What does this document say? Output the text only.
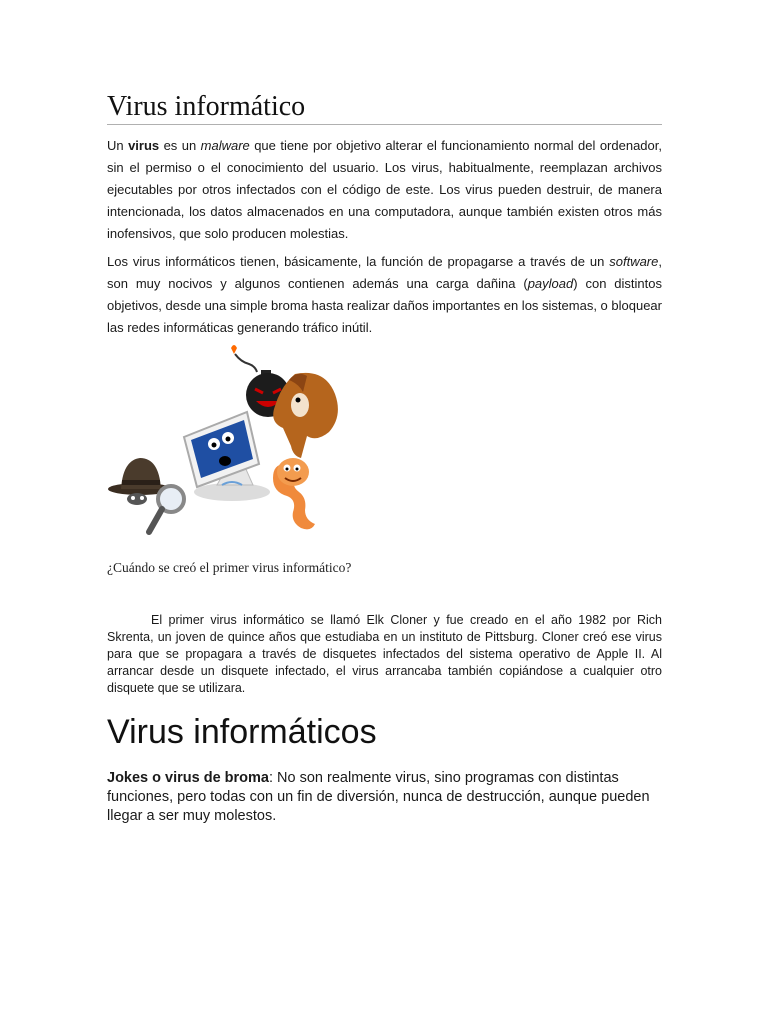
Virus informático

Un virus es un malware que tiene por objetivo alterar el funcionamiento normal del ordenador, sin el permiso o el conocimiento del usuario. Los virus, habitualmente, reemplazan archivos ejecutables por otros infectados con el código de este. Los virus pueden destruir, de manera intencionada, los datos almacenados en una computadora, aunque también existen otros más inofensivos, que solo producen molestias.

Los virus informáticos tienen, básicamente, la función de propagarse a través de un software, son muy nocivos y algunos contienen además una carga dañina (payload) con distintos objetivos, desde una simple broma hasta realizar daños importantes en los sistemas, o bloquear las redes informáticas generando tráfico inútil.

¿Cuándo se creó el primer virus informático?

El primer virus informático se llamó Elk Cloner y fue creado en el año 1982 por Rich Skrenta, un joven de quince años que estudiaba en un instituto de Pittsburg. Cloner creó ese virus para que se propagara a través de disquetes infectados del sistema operativo de Apple II. Al arrancar desde un disquete infectado, el virus arrancaba también copiándose a cualquier otro disquete que se utilizara.

Virus informáticos

Jokes o virus de broma: No son realmente virus, sino programas con distintas funciones, pero todas con un fin de diversión, nunca de destrucción, aunque pueden llegar a ser muy molestos.
